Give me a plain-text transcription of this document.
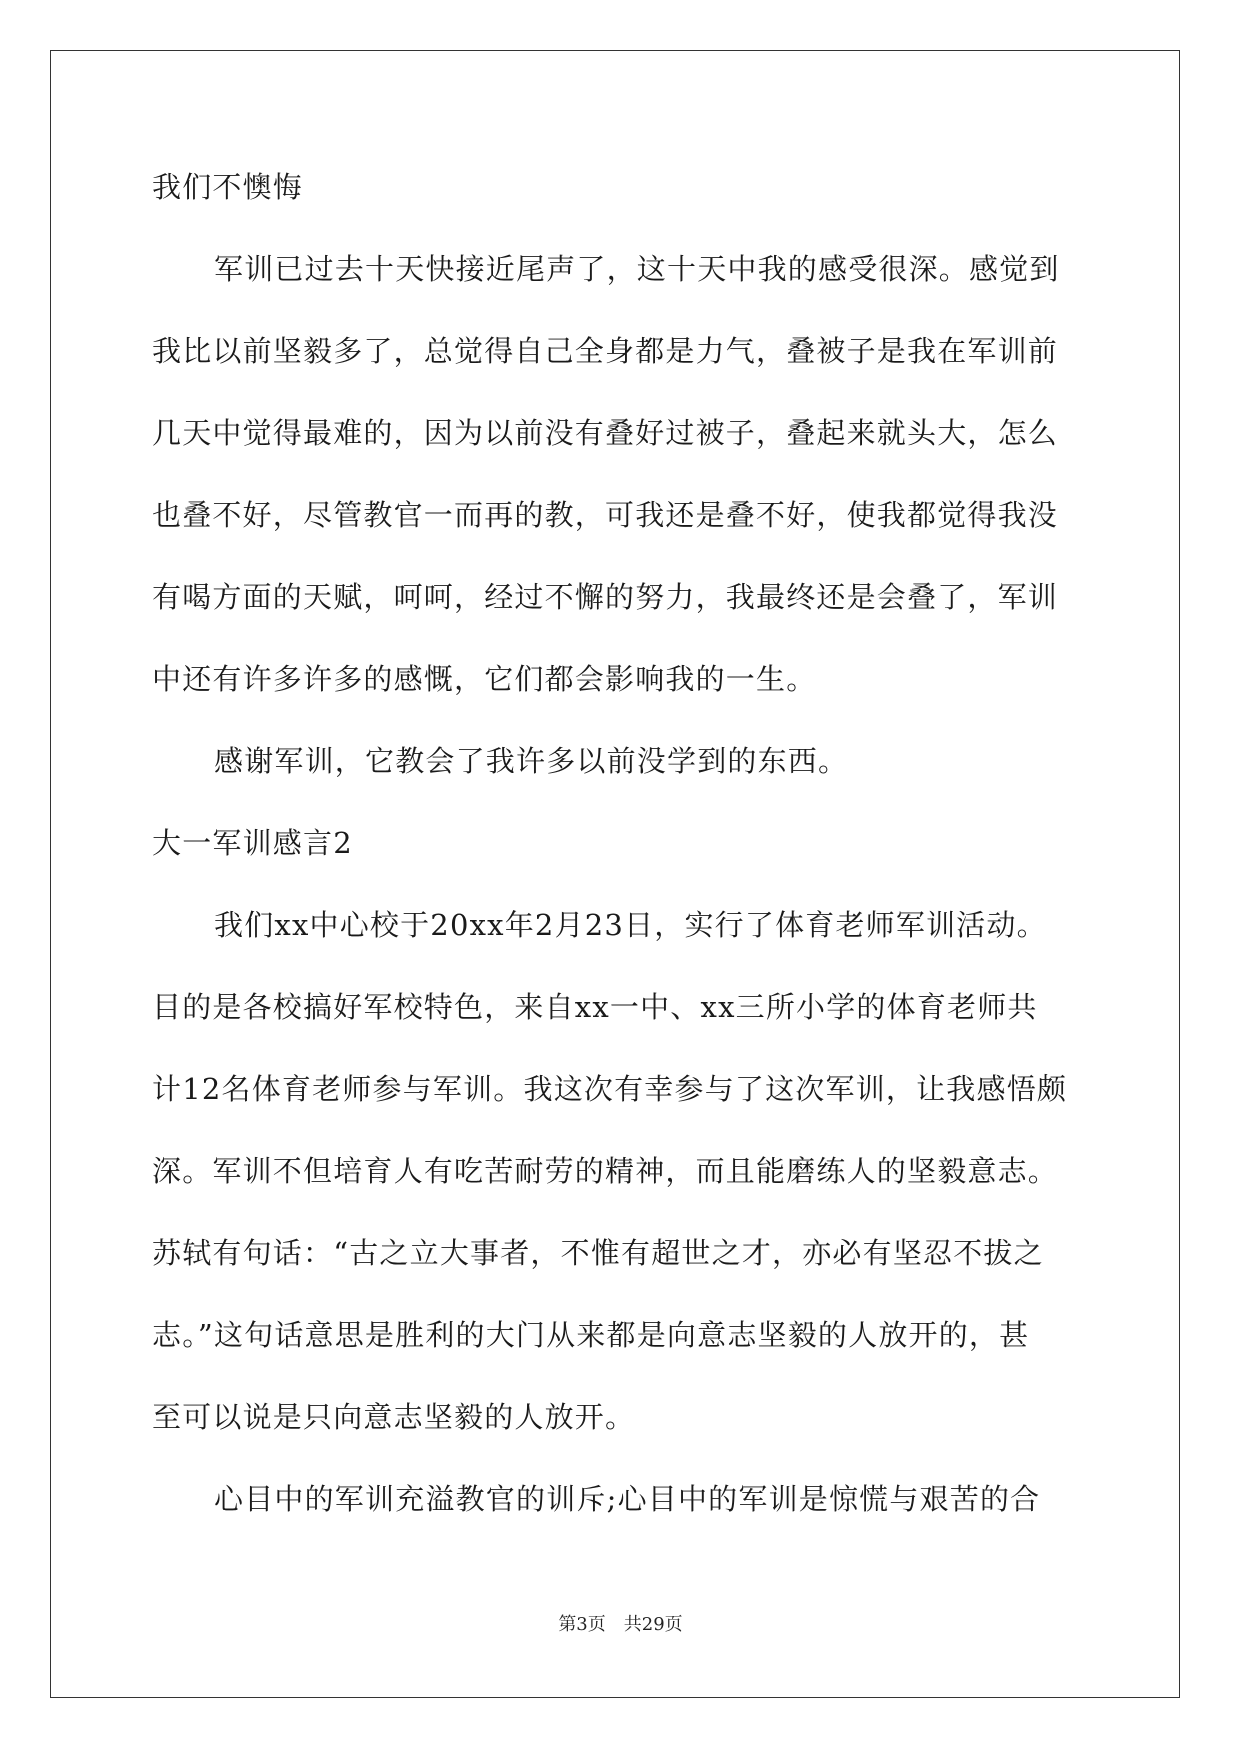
我们不懊悔
军训已过去十天快接近尾声了，这十天中我的感受很深。感觉到
我比以前坚毅多了，总觉得自己全身都是力气，叠被子是我在军训前
几天中觉得最难的，因为以前没有叠好过被子，叠起来就头大，怎么
也叠不好，尽管教官一而再的教，可我还是叠不好，使我都觉得我没
有喝方面的天赋，呵呵，经过不懈的努力，我最终还是会叠了，军训
中还有许多许多的感慨，它们都会影响我的一生。
感谢军训，它教会了我许多以前没学到的东西。
大一军训感言2
我们xx中心校于20xx年2月23日，实行了体育老师军训活动。
目的是各校搞好军校特色，来自xx一中、xx三所小学的体育老师共
计12名体育老师参与军训。我这次有幸参与了这次军训，让我感悟颇
深。军训不但培育人有吃苦耐劳的精神，而且能磨练人的坚毅意志。
苏轼有句话：“古之立大事者，不惟有超世之才，亦必有坚忍不拔之
志。”这句话意思是胜利的大门从来都是向意志坚毅的人放开的，甚
至可以说是只向意志坚毅的人放开。
心目中的军训充溢教官的训斥;心目中的军训是惊慌与艰苦的合
第3页　共29页
